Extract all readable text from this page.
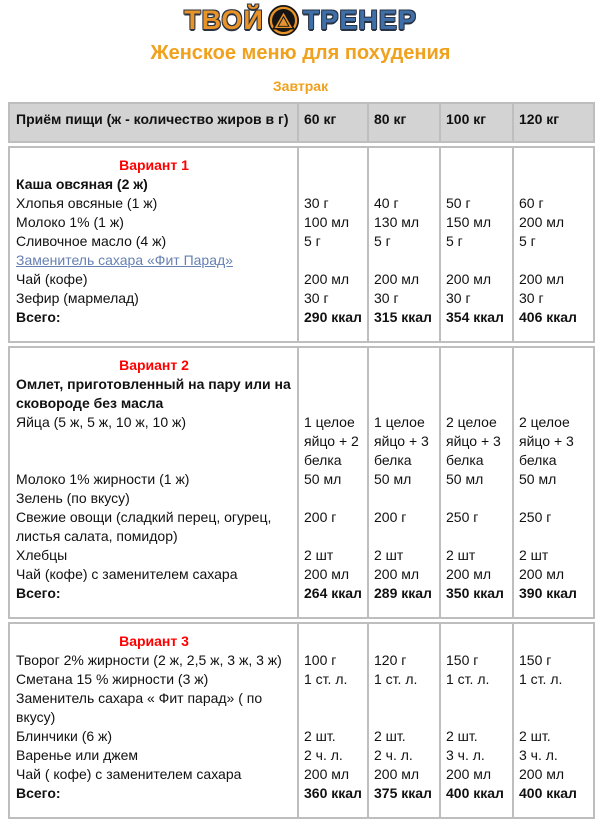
ТВОЙ ТРЕНЕР
Женское меню для похудения
Завтрак
Приём пищи (ж - количество жиров в г)	60 кг	80 кг	100 кг	120 кг
Вариант 1				

Каша овсяная (2 ж)				
Хлопья овсяные (1 ж)	30 г	40 г	50 г	60 г
Молоко 1% (1 ж)	100 мл	130 мл	150 мл	200 мл
Сливочное масло (4 ж)	5 г	5 г	5 г	5 г
Заменитель сахара «Фит Парад»				
Чай (кофе)	200 мл	200 мл	200 мл	200 мл
Зефир (мармелад)	30 г	30 г	30 г	30 г
Всего:	290 ккал	315 ккал	354 ккал	406 ккал

Вариант 2				

Омлет, приготовленный на пару или на сковороде без масла				
Яйца (5 ж, 5 ж, 10 ж, 10 ж)	1 целое яйцо + 2 белка	1 целое яйцо + 3 белка	2 целое яйцо + 3 белка	2 целое яйцо + 3 белка
Молоко 1% жирности (1 ж)	50 мл	50 мл	50 мл	50 мл
Зелень (по вкусу)				
Свежие овощи (сладкий перец, огурец, листья салата, помидор)	200 г	200 г	250 г	250 г
Хлебцы	2 шт	2 шт	2 шт	2 шт
Чай (кофе) с заменителем сахара	200 мл	200 мл	200 мл	200 мл
Всего:	264 ккал	289 ккал	350 ккал	390 ккал

Вариант 3				

Творог 2% жирности (2 ж, 2,5 ж, 3 ж, 3 ж)	100 г	120 г	150 г	150 г
Сметана 15 % жирности (3 ж)	1 ст. л.	1 ст. л.	1 ст. л.	1 ст. л.
Заменитель сахара « Фит парад» ( по вкусу)				
Блинчики (6 ж)	2 шт.	2 шт.	2 шт.	2 шт.
Варенье или джем	2 ч. л.	2 ч. л.	3 ч. л.	3 ч. л.
Чай ( кофе) с заменителем сахара	200 мл	200 мл	200 мл	200 мл
Всего:	360 ккал	375 ккал	400 ккал	400 ккал
